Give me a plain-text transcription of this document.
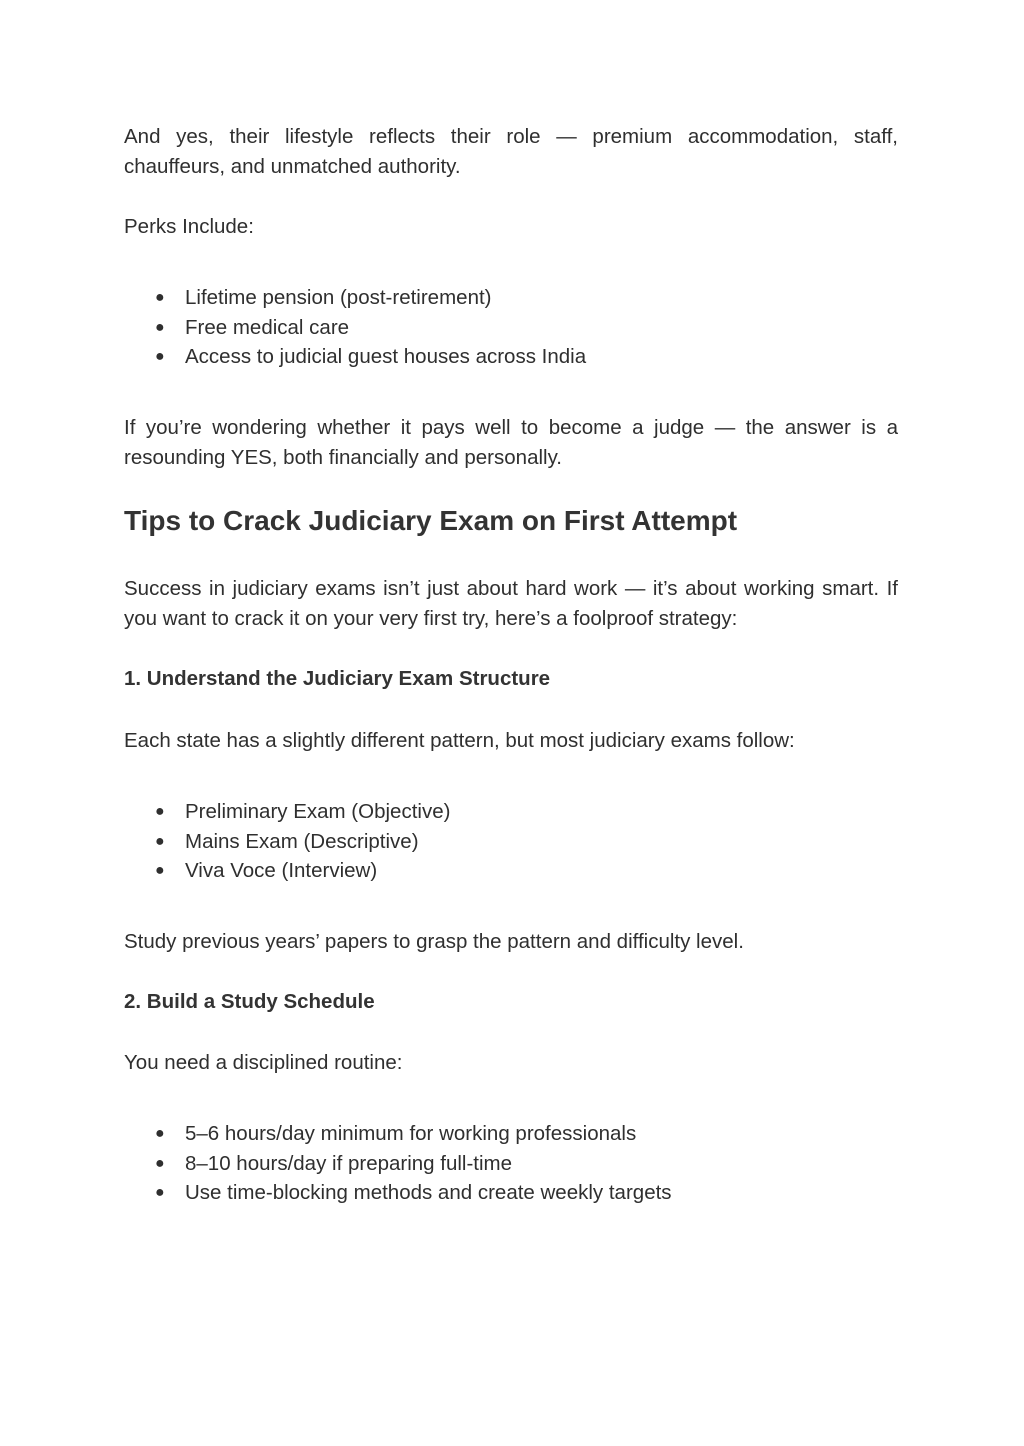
And yes, their lifestyle reflects their role — premium accommodation, staff, chauffeurs, and unmatched authority.

Perks Include:

● Lifetime pension (post-retirement)
● Free medical care
● Access to judicial guest houses across India

If you’re wondering whether it pays well to become a judge — the answer is a resounding YES, both financially and personally.

Tips to Crack Judiciary Exam on First Attempt

Success in judiciary exams isn’t just about hard work — it’s about working smart. If you want to crack it on your very first try, here’s a foolproof strategy:

1. Understand the Judiciary Exam Structure

Each state has a slightly different pattern, but most judiciary exams follow:

● Preliminary Exam (Objective)
● Mains Exam (Descriptive)
● Viva Voce (Interview)

Study previous years’ papers to grasp the pattern and difficulty level.

2. Build a Study Schedule

You need a disciplined routine:

● 5–6 hours/day minimum for working professionals
● 8–10 hours/day if preparing full-time
● Use time-blocking methods and create weekly targets
